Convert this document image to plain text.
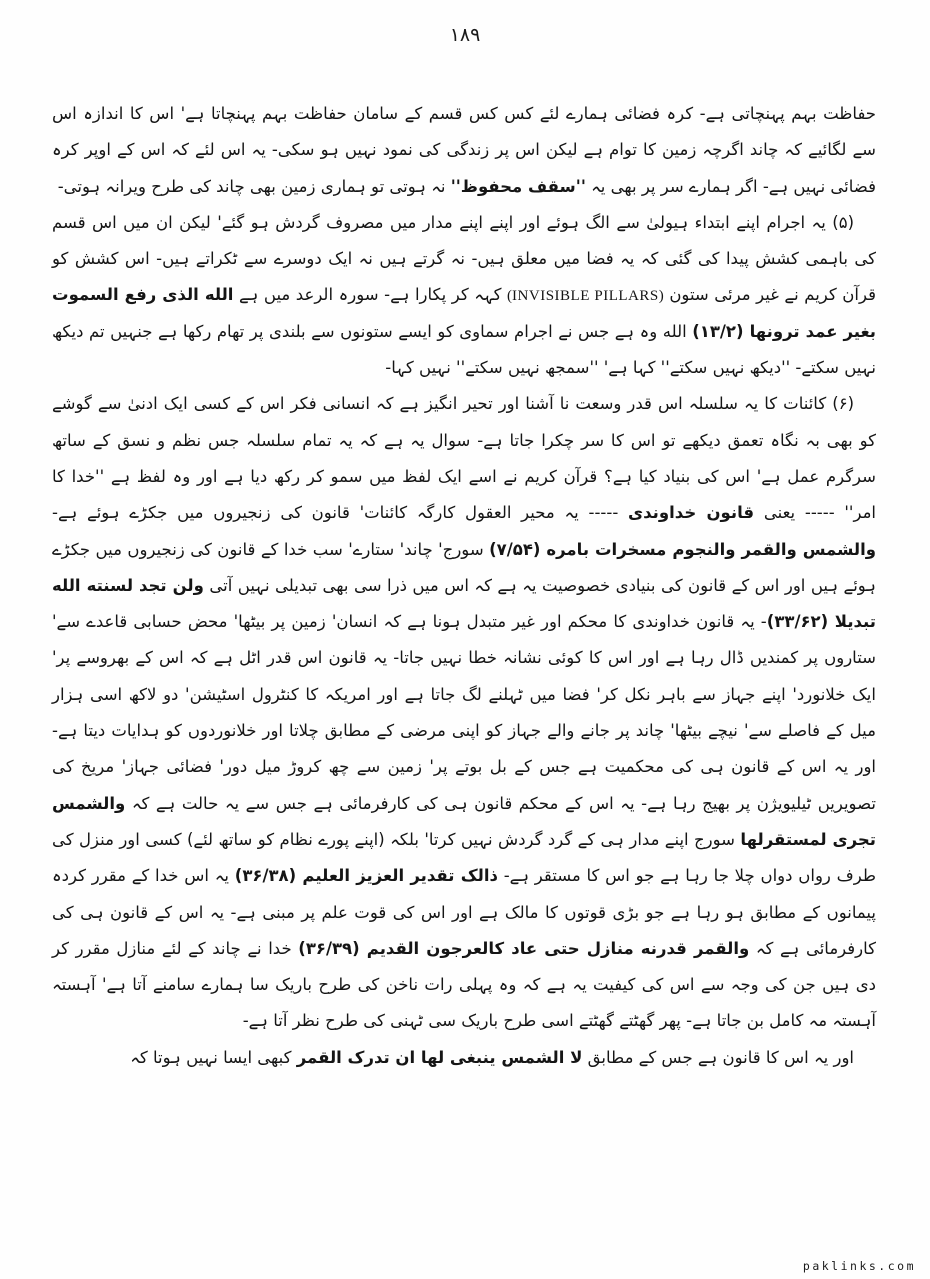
۱۸۹

حفاظت بہم پہنچاتی ہے- کرہ فضائی ہمارے لئے کس کس قسم کے سامان حفاظت بہم پہنچاتا ہے' اس کا اندازہ اس سے لگائیے کہ چاند اگرچہ زمین کا توام ہے لیکن اس پر زندگی کی نمود نہیں ہو سکی- یہ اس لئے کہ اس کے اوپر کرہ فضائی نہیں ہے- اگر ہمارے سر پر بھی یہ ''سقف محفوظ'' نہ ہوتی تو ہماری زمین بھی چاند کی طرح ویرانہ ہوتی-

(۵) یہ اجرام اپنے ابتداء ہیولیٰ سے الگ ہوئے اور اپنے اپنے مدار میں مصروف گردش ہو گئے' لیکن ان میں اس قسم کی باہمی کشش پیدا کی گئی کہ یہ فضا میں معلق ہیں- نہ گرتے ہیں نہ ایک دوسرے سے ٹکراتے ہیں- اس کشش کو قرآن کریم نے غیر مرئی ستون (INVISIBLE PILLARS) کہہ کر پکارا ہے- سورہ الرعد میں ہے الله الذى رفع السموت بغير عمد ترونها (۱۳/۲) الله وہ ہے جس نے اجرام سماوی کو ایسے ستونوں سے بلندی پر تھام رکھا ہے جنہیں تم دیکھ نہیں سکتے- ''دیکھ نہیں سکتے'' کہا ہے' ''سمجھ نہیں سکتے'' نہیں کہا-

(۶) کائنات کا یہ سلسلہ اس قدر وسعت نا آشنا اور تحیر انگیز ہے کہ انسانی فکر اس کے کسی ایک ادنیٰ سے گوشے کو بھی بہ نگاہ تعمق دیکھے تو اس کا سر چکرا جاتا ہے- سوال یہ ہے کہ یہ تمام سلسلہ جس نظم و نسق کے ساتھ سرگرم عمل ہے' اس کی بنیاد کیا ہے؟ قرآن کریم نے اسے ایک لفظ میں سمو کر رکھ دیا ہے اور وہ لفظ ہے ''خدا کا امر'' ----- یعنی قانون خداوندی ----- یہ محیر العقول کارگہ کائنات' قانون کی زنجیروں میں جکڑے ہوئے ہے- والشمس والقمر والنجوم مسخرات بامره (۷/۵۴) سورج' چاند' ستارے' سب خدا کے قانون کی زنجیروں میں جکڑے ہوئے ہیں اور اس کے قانون کی بنیادی خصوصیت یہ ہے کہ اس میں ذرا سی بھی تبدیلی نہیں آتی ولن تجد لسنته الله تبدیلا (۳۳/۶۲)- یہ قانون خداوندی کا محکم اور غیر متبدل ہونا ہے کہ انسان' زمین پر بیٹھا' محض حسابی قاعدے سے' ستاروں پر کمندیں ڈال رہا ہے اور اس کا کوئی نشانہ خطا نہیں جاتا- یہ قانون اس قدر اٹل ہے کہ اس کے بھروسے پر' ایک خلانورد' اپنے جہاز سے باہر نکل کر' فضا میں ٹہلنے لگ جاتا ہے اور امریکہ کا کنٹرول اسٹیشن' دو لاکھ اسی ہزار میل کے فاصلے سے' نیچے بیٹھا' چاند پر جانے والے جہاز کو اپنی مرضی کے مطابق چلاتا اور خلانوردوں کو ہدایات دیتا ہے- اور یہ اس کے قانون ہی کی محکمیت ہے جس کے بل بوتے پر' زمین سے چھ کروڑ میل دور' فضائی جہاز' مریخ کی تصویریں ٹیلیویژن پر بھیج رہا ہے- یہ اس کے محکم قانون ہی کی کارفرمائی ہے جس سے یہ حالت ہے کہ والشمس تجری لمستقرلها سورج اپنے مدار ہی کے گرد گردش نہیں کرتا' بلکہ (اپنے پورے نظام کو ساتھ لئے) کسی اور منزل کی طرف رواں دواں چلا جا رہا ہے جو اس کا مستقر ہے- ذالک تقدیر العزیز العلیم (۳۶/۳۸) یہ اس خدا کے مقرر کردہ پیمانوں کے مطابق ہو رہا ہے جو بڑی قوتوں کا مالک ہے اور اس کی قوت علم پر مبنی ہے- یہ اس کے قانون ہی کی کارفرمائی ہے کہ والقمر قدرنه منازل حتی عاد کالعرجون القدیم (۳۶/۳۹) خدا نے چاند کے لئے منازل مقرر کر دی ہیں جن کی وجہ سے اس کی کیفیت یہ ہے کہ وہ پہلی رات ناخن کی طرح باریک سا ہمارے سامنے آتا ہے' آہستہ آہستہ مہ کامل بن جاتا ہے- پھر گھٹتے گھٹتے اسی طرح باریک سی ٹہنی کی طرح نظر آتا ہے-

اور یہ اس کا قانون ہے جس کے مطابق لا الشمس ینبغی لها ان تدرک القمر کبھی ایسا نہیں ہوتا کہ

paklinks.com
